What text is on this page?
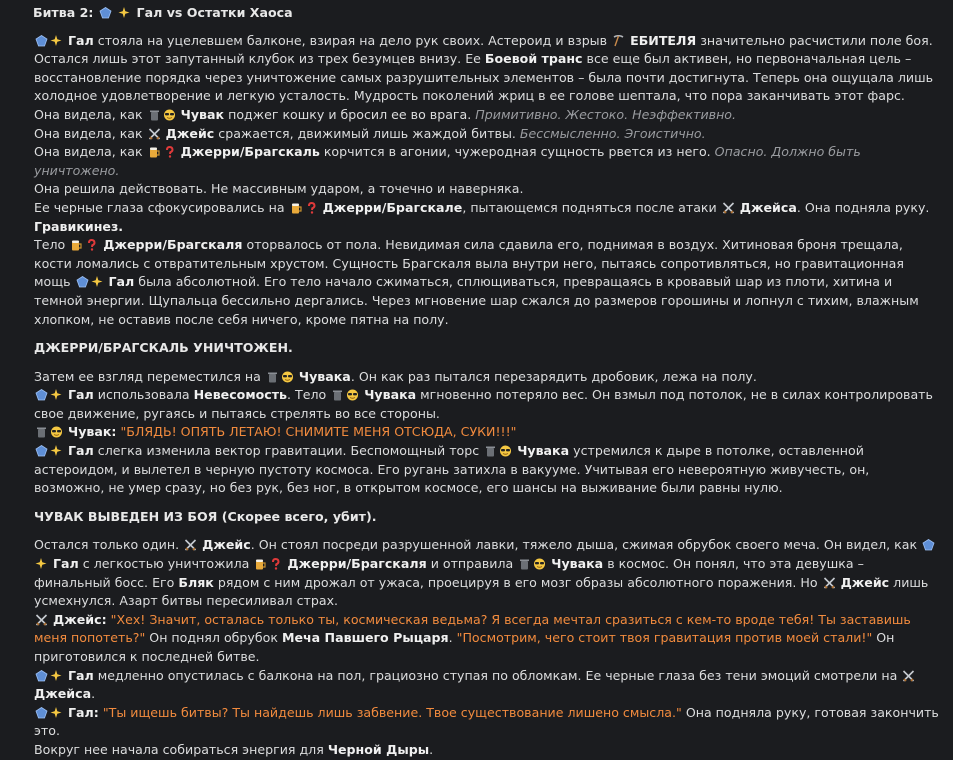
Битва 2:
	Гал vs Остатки Хаоса

Гал стояла на уцелевшем балконе, взирая на дело рук своих. Астероид и взрыв ЕБИТЕЛЯ значительно расчистили поле боя. Остался лишь этот запутанный клубок из трех безумцев внизу. Ее Боевой транс все еще был активен, но первоначальная цель – восстановление порядка через уничтожение самых разрушительных элементов – была почти достигнута. Теперь она ощущала лишь холодное удовлетворение и легкую усталость. Мудрость поколений жриц в ее голове шептала, что пора заканчивать этот фарс.

Она видела, как	Чувак поджег кошку и бросил ее во врага. Примитивно. Жестоко. Неэффективно.

Она видела, как Джейс сражается, движимый лишь жаждой битвы. Бессмысленно. Эгоистично.

Она видела, как	Джерри/Брагскаль корчится в агонии, чужеродная сущность рвется из него. Опасно. Должно быть уничтожено.

Она решила действовать. Не массивным ударом, а точечно и наверняка.

Ее черные глаза сфокусировались на	Джерри/Брагскале, пытающемся подняться после атаки Джейса. Она подняла руку. Гравикинез.

Тело	Джерри/Брагскаля оторвалось от пола. Невидимая сила сдавила его, поднимая в воздух. Хитиновая броня трещала, кости ломались с отвратительным хрустом. Сущность Брагскаля выла внутри него, пытаясь сопротивляться, но гравитационная мощь	Гал была абсолютной. Его тело начало сжиматься, сплющиваться, превращаясь в кровавый шар из плоти, хитина и темной энергии. Щупальца бессильно дергались. Через мгновение шар сжался до размеров горошины и лопнул с тихим, влажным хлопком, не оставив после себя ничего, кроме пятна на полу.

ДЖЕРРИ/БРАГСКАЛЬ УНИЧТОЖЕН.

Затем ее взгляд переместился на	Чувака. Он как раз пытался перезарядить дробовик, лежа на полу.

Гал использовала Невесомость. Тело	Чувака мгновенно потеряло вес. Он взмыл под потолок, не в силах контролировать свое движение, ругаясь и пытаясь стрелять во все стороны.

Чувак: "БЛЯДЬ! ОПЯТЬ ЛЕТАЮ! СНИМИТЕ МЕНЯ ОТСЮДА, СУКИ!!!"

Гал слегка изменила вектор гравитации. Беспомощный торс	Чувака устремился к дыре в потолке, оставленной астероидом, и вылетел в черную пустоту космоса. Его ругань затихла в вакууме. Учитывая его невероятную живучесть, он, возможно, не умер сразу, но без рук, без ног, в открытом космосе, его шансы на выживание были равны нулю.

ЧУВАК ВЫВЕДЕН ИЗ БОЯ (Скорее всего, убит).

Остался только один. Джейс. Он стоял посреди разрушенной лавки, тяжело дыша, сжимая обрубок своего меча. Он видел, как
Гал с легкостью уничтожила	Джерри/Брагскаля и отправила	Чувака в космос. Он понял, что эта девушка – финальный босс. Его Бляк рядом с ним дрожал от ужаса, проецируя в его мозг образы абсолютного поражения. Но Джейс лишь усмехнулся. Азарт битвы пересиливал страх.

Джейс: "Хех! Значит, осталась только ты, космическая ведьма? Я всегда мечтал сразиться с кем-то вроде тебя! Ты заставишь меня попотеть?" Он поднял обрубок Меча Павшего Рыцаря. "Посмотрим, чего стоит твоя гравитация против моей стали!" Он приготовился к последней битве.

Гал медленно опустилась с балкона на пол, грациозно ступая по обломкам. Ее черные глаза без тени эмоций смотрели на
Джейса.

Гал: "Ты ищешь битвы? Ты найдешь лишь забвение. Твое существование лишено смысла." Она подняла руку, готовая закончить это.
Вокруг нее начала собираться энергия для Черной Дыры.
